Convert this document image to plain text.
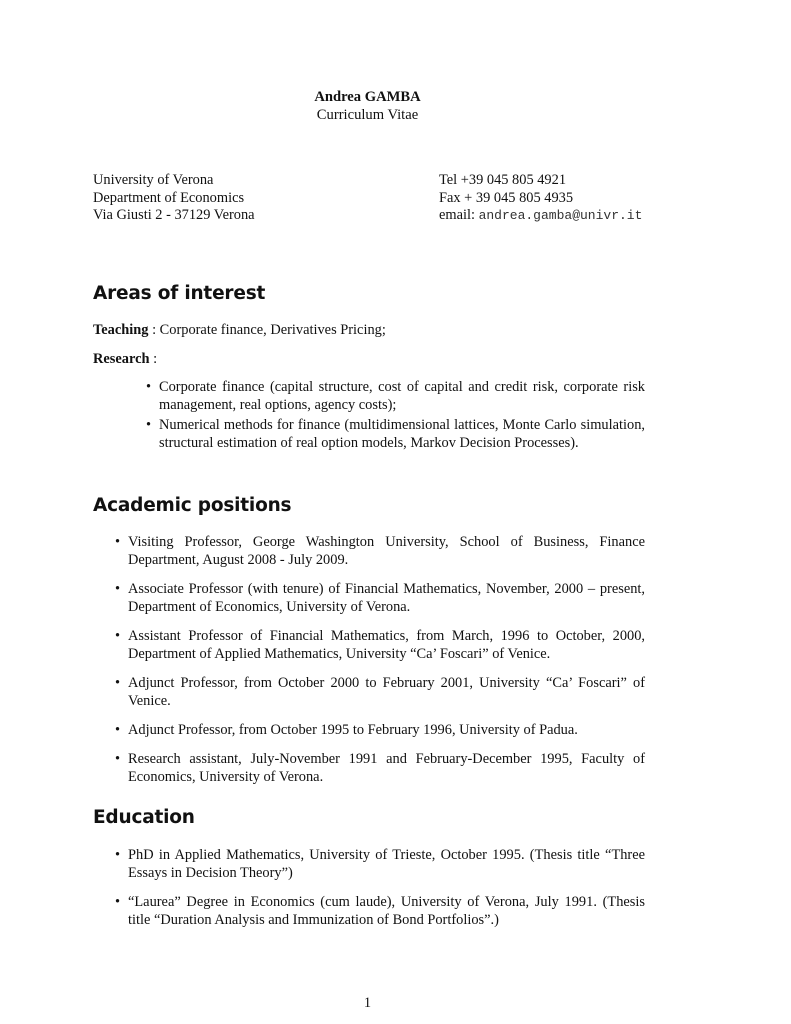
Andrea GAMBA
Curriculum Vitae
University of Verona
Department of Economics
Via Giusti 2 - 37129 Verona
Tel +39 045 805 4921
Fax + 39 045 805 4935
email: andrea.gamba@univr.it
Areas of interest
Teaching : Corporate finance, Derivatives Pricing;
Research :
• Corporate finance (capital structure, cost of capital and credit risk, corporate risk management, real options, agency costs);
• Numerical methods for finance (multidimensional lattices, Monte Carlo simulation, structural estimation of real option models, Markov Decision Processes).
Academic positions
• Visiting Professor, George Washington University, School of Business, Finance Department, August 2008 - July 2009.
• Associate Professor (with tenure) of Financial Mathematics, November, 2000 – present, Department of Economics, University of Verona.
• Assistant Professor of Financial Mathematics, from March, 1996 to October, 2000, Department of Applied Mathematics, University “Ca’ Foscari” of Venice.
• Adjunct Professor, from October 2000 to February 2001, University “Ca’ Foscari” of Venice.
• Adjunct Professor, from October 1995 to February 1996, University of Padua.
• Research assistant, July-November 1991 and February-December 1995, Faculty of Economics, University of Verona.
Education
• PhD in Applied Mathematics, University of Trieste, October 1995. (Thesis title “Three Essays in Decision Theory”)
• “Laurea” Degree in Economics (cum laude), University of Verona, July 1991. (Thesis title “Duration Analysis and Immunization of Bond Portfolios”.)
1
